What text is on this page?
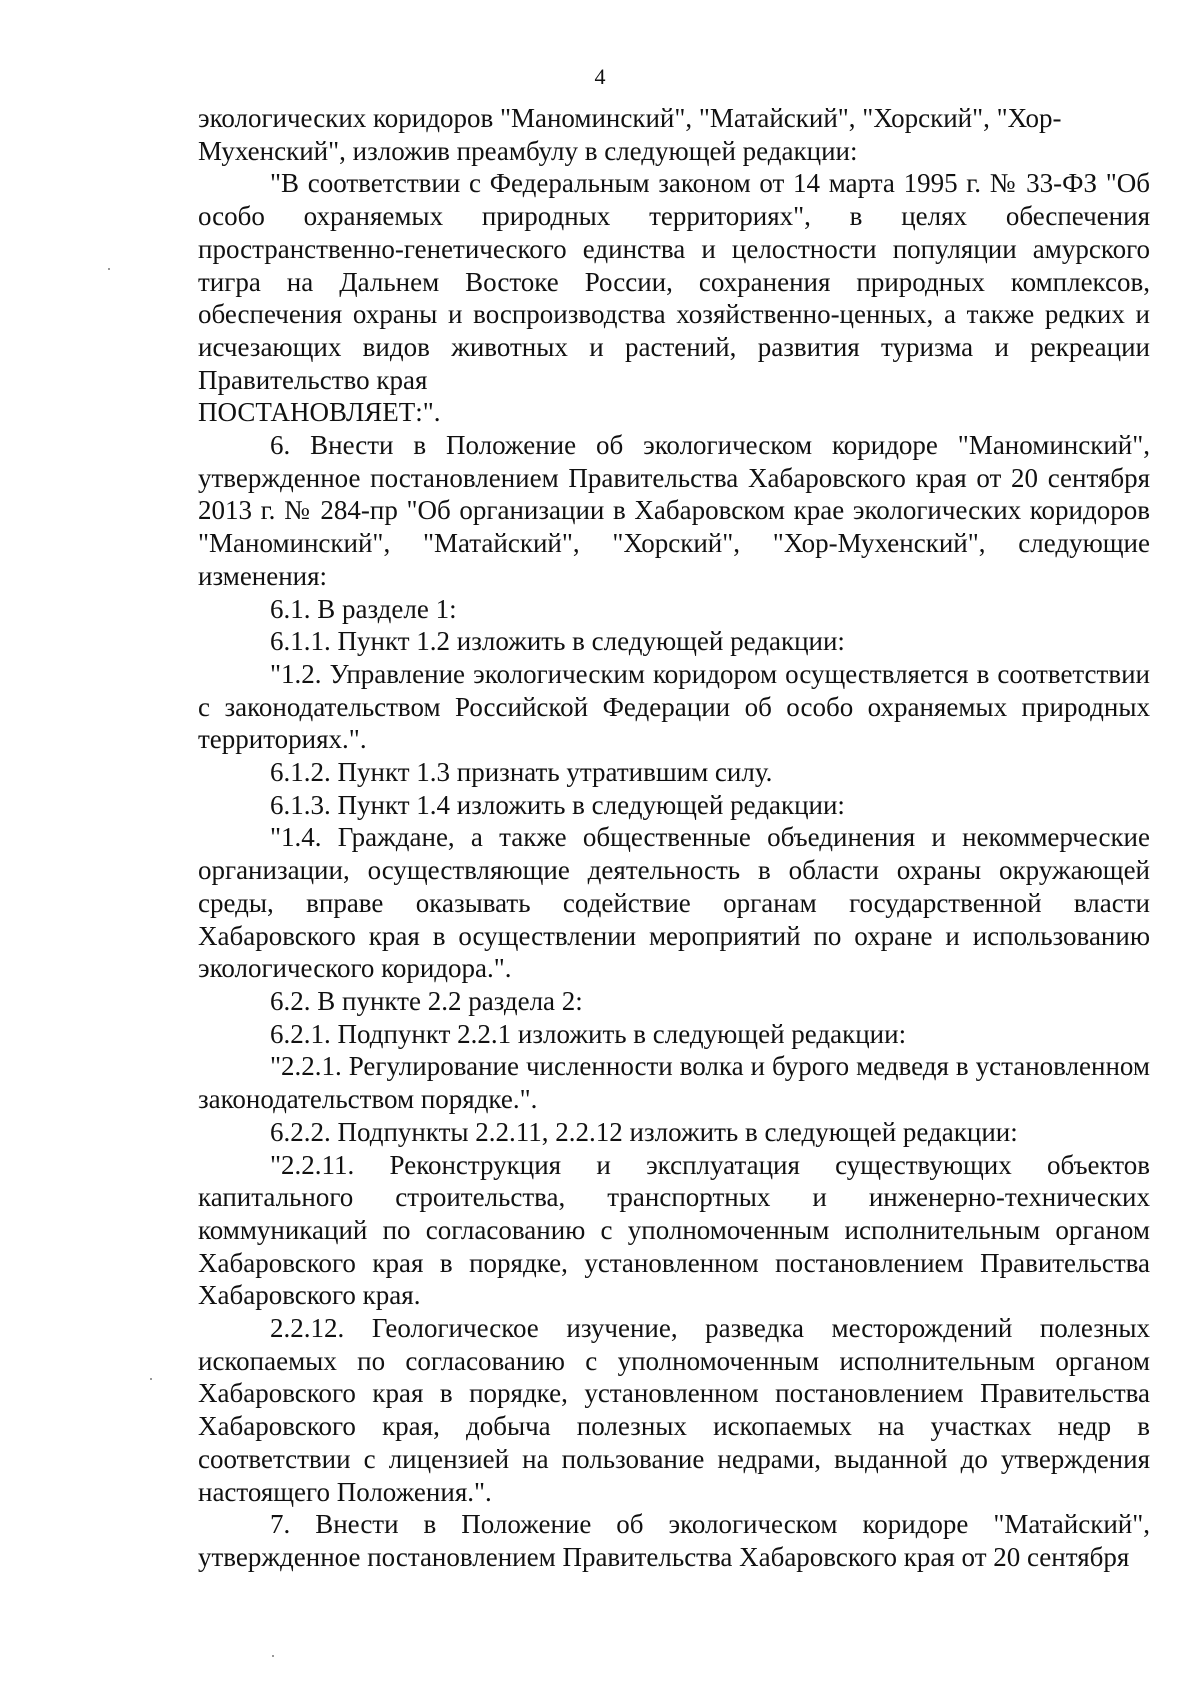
4

экологических коридоров "Маноминский", "Матайский", "Хорский", "Хор-Мухенский", изложив преамбулу в следующей редакции:

"В соответствии с Федеральным законом от 14 марта 1995 г. № 33-ФЗ "Об особо охраняемых природных территориях", в целях обеспечения пространственно-генетического единства и целостности популяции амурского тигра на Дальнем Востоке России, сохранения природных комплексов, обеспечения охраны и воспроизводства хозяйственно-ценных, а также редких и исчезающих видов животных и растений, развития туризма и рекреации Правительство края

ПОСТАНОВЛЯЕТ:".

6. Внести в Положение об экологическом коридоре "Маноминский", утвержденное постановлением Правительства Хабаровского края от 20 сентября 2013 г. № 284-пр "Об организации в Хабаровском крае экологических коридоров "Маноминский", "Матайский", "Хорский", "Хор-Мухенский", следующие изменения:

6.1. В разделе 1:

6.1.1. Пункт 1.2 изложить в следующей редакции:

"1.2. Управление экологическим коридором осуществляется в соответствии с законодательством Российской Федерации об особо охраняемых природных территориях.".

6.1.2. Пункт 1.3 признать утратившим силу.

6.1.3. Пункт 1.4 изложить в следующей редакции:

"1.4. Граждане, а также общественные объединения и некоммерческие организации, осуществляющие деятельность в области охраны окружающей среды, вправе оказывать содействие органам государственной власти Хабаровского края в осуществлении мероприятий по охране и использованию экологического коридора.".

6.2. В пункте 2.2 раздела 2:

6.2.1. Подпункт 2.2.1 изложить в следующей редакции:

"2.2.1. Регулирование численности волка и бурого медведя в установленном законодательством порядке.".

6.2.2. Подпункты 2.2.11, 2.2.12 изложить в следующей редакции:

"2.2.11. Реконструкция и эксплуатация существующих объектов капитального строительства, транспортных и инженерно-технических коммуникаций по согласованию с уполномоченным исполнительным органом Хабаровского края в порядке, установленном постановлением Правительства Хабаровского края.

2.2.12. Геологическое изучение, разведка месторождений полезных ископаемых по согласованию с уполномоченным исполнительным органом Хабаровского края в порядке, установленном постановлением Правительства Хабаровского края, добыча полезных ископаемых на участках недр в соответствии с лицензией на пользование недрами, выданной до утверждения настоящего Положения.".

7. Внести в Положение об экологическом коридоре "Матайский", утвержденное постановлением Правительства Хабаровского края от 20 сентября
